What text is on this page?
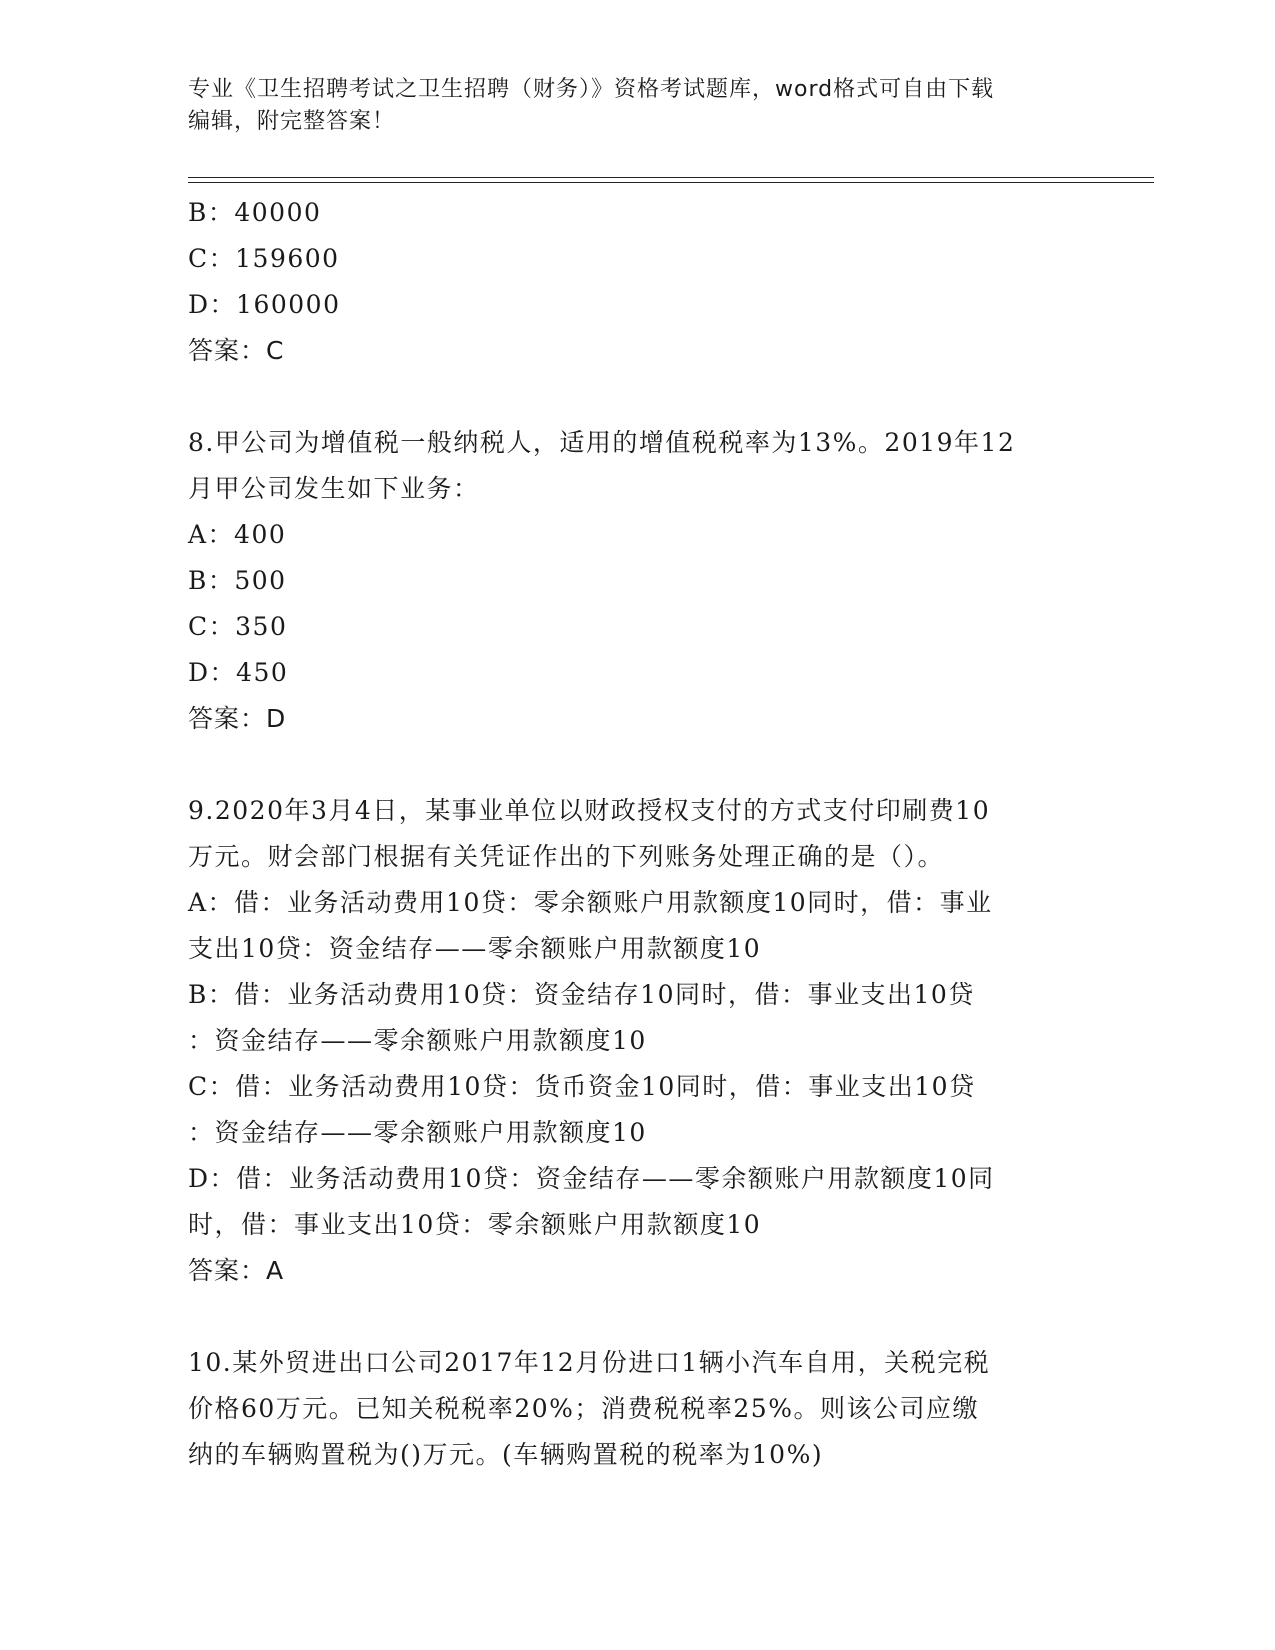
专业《卫生招聘考试之卫生招聘（财务）》资格考试题库，word格式可自由下载
编辑，附完整答案！
B：40000
C：159600
D：160000
答案：C
8.甲公司为增值税一般纳税人，适用的增值税税率为13%。2019年12
月甲公司发生如下业务：
A：400
B：500
C：350
D：450
答案：D
9.2020年3月4日，某事业单位以财政授权支付的方式支付印刷费10
万元。财会部门根据有关凭证作出的下列账务处理正确的是（）。
A：借：业务活动费用10贷：零余额账户用款额度10同时，借：事业
支出10贷：资金结存——零余额账户用款额度10
B：借：业务活动费用10贷：资金结存10同时，借：事业支出10贷
：资金结存——零余额账户用款额度10
C：借：业务活动费用10贷：货币资金10同时，借：事业支出10贷
：资金结存——零余额账户用款额度10
D：借：业务活动费用10贷：资金结存——零余额账户用款额度10同
时，借：事业支出10贷：零余额账户用款额度10
答案：A
10.某外贸进出口公司2017年12月份进口1辆小汽车自用，关税完税
价格60万元。已知关税税率20%；消费税税率25%。则该公司应缴
纳的车辆购置税为()万元。(车辆购置税的税率为10%)
